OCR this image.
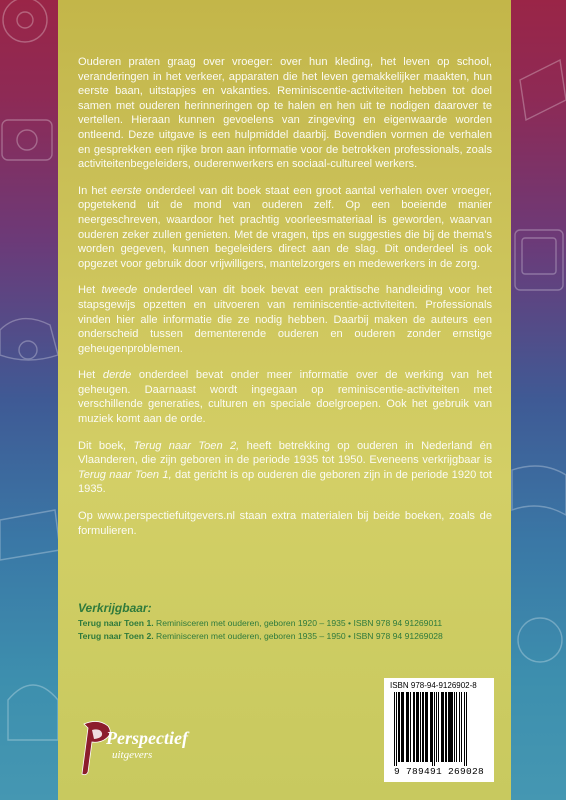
Ouderen praten graag over vroeger: over hun kleding, het leven op school, veranderingen in het verkeer, apparaten die het leven gemakkelijker maakten, hun eerste baan, uitstapjes en vakanties. Reminiscentie-activiteiten hebben tot doel samen met ouderen herinneringen op te halen en hen uit te nodigen daarover te vertellen. Hieraan kunnen gevoelens van zingeving en eigenwaarde worden ontleend. Deze uitgave is een hulpmiddel daarbij. Bovendien vormen de verhalen en gesprekken een rijke bron aan informatie voor de betrokken professionals, zoals activiteitenbegeleiders, ouderenwerkers en sociaal-cultureel werkers.

In het eerste onderdeel van dit boek staat een groot aantal verhalen over vroeger, opgetekend uit de mond van ouderen zelf. Op een boeiende manier neergeschreven, waardoor het prachtig voorleesmateriaal is geworden, waarvan ouderen zeker zullen genieten. Met de vragen, tips en suggesties die bij de thema’s worden gegeven, kunnen begeleiders direct aan de slag. Dit onderdeel is ook opgezet voor gebruik door vrijwilligers, mantelzorgers en medewerkers in de zorg.

Het tweede onderdeel van dit boek bevat een praktische handleiding voor het stapsgewijs opzetten en uitvoeren van reminiscentie-activiteiten. Professionals vinden hier alle informatie die ze nodig hebben. Daarbij maken de auteurs een onderscheid tussen dementerende ouderen en ouderen zonder ernstige geheugenproblemen.

Het derde onderdeel bevat onder meer informatie over de werking van het geheugen. Daarnaast wordt ingegaan op reminiscentie-activiteiten met verschillende generaties, culturen en speciale doelgroepen. Ook het gebruik van muziek komt aan de orde.

Dit boek, Terug naar Toen 2, heeft betrekking op ouderen in Nederland én Vlaanderen, die zijn geboren in de periode 1935 tot 1950. Eveneens verkrijgbaar is Terug naar Toen 1, dat gericht is op ouderen die geboren zijn in de periode 1920 tot 1935.

Op www.perspectiefuitgevers.nl staan extra materialen bij beide boeken, zoals de formulieren.

Verkrijgbaar:
Terug naar Toen 1. Reminisceren met ouderen, geboren 1920 – 1935 • ISBN 978 94 91269011
Terug naar Toen 2. Reminisceren met ouderen, geboren 1935 – 1950 • ISBN 978 94 91269028
Perspectief
uitgevers
ISBN 978-94-9126902-8
9 789491 269028
